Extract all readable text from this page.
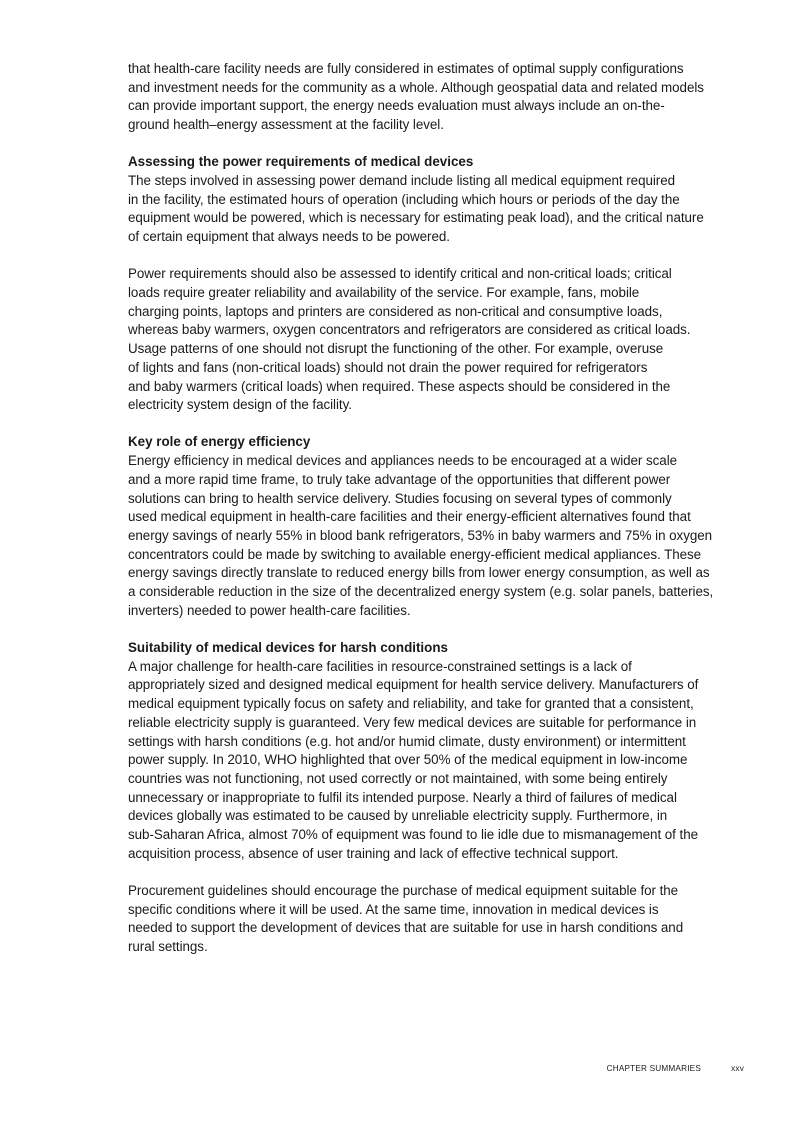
that health-care facility needs are fully considered in estimates of optimal supply configurations
and investment needs for the community as a whole. Although geospatial data and related models
can provide important support, the energy needs evaluation must always include an on-the-
ground health–energy assessment at the facility level.

Assessing the power requirements of medical devices

The steps involved in assessing power demand include listing all medical equipment required
in the facility, the estimated hours of operation (including which hours or periods of the day the
equipment would be powered, which is necessary for estimating peak load), and the critical nature
of certain equipment that always needs to be powered.

Power requirements should also be assessed to identify critical and non-critical loads; critical
loads require greater reliability and availability of the service. For example, fans, mobile
charging points, laptops and printers are considered as non-critical and consumptive loads,
whereas baby warmers, oxygen concentrators and refrigerators are considered as critical loads.
Usage patterns of one should not disrupt the functioning of the other. For example, overuse
of lights and fans (non-critical loads) should not drain the power required for refrigerators
and baby warmers (critical loads) when required. These aspects should be considered in the
electricity system design of the facility.

Key role of energy efficiency

Energy efficiency in medical devices and appliances needs to be encouraged at a wider scale
and a more rapid time frame, to truly take advantage of the opportunities that different power
solutions can bring to health service delivery. Studies focusing on several types of commonly
used medical equipment in health-care facilities and their energy-efficient alternatives found that
energy savings of nearly 55% in blood bank refrigerators, 53% in baby warmers and 75% in oxygen
concentrators could be made by switching to available energy-efficient medical appliances. These
energy savings directly translate to reduced energy bills from lower energy consumption, as well as
a considerable reduction in the size of the decentralized energy system (e.g. solar panels, batteries,
inverters) needed to power health-care facilities.

Suitability of medical devices for harsh conditions

A major challenge for health-care facilities in resource-constrained settings is a lack of
appropriately sized and designed medical equipment for health service delivery. Manufacturers of
medical equipment typically focus on safety and reliability, and take for granted that a consistent,
reliable electricity supply is guaranteed. Very few medical devices are suitable for performance in
settings with harsh conditions (e.g. hot and/or humid climate, dusty environment) or intermittent
power supply. In 2010, WHO highlighted that over 50% of the medical equipment in low-income
countries was not functioning, not used correctly or not maintained, with some being entirely
unnecessary or inappropriate to fulfil its intended purpose. Nearly a third of failures of medical
devices globally was estimated to be caused by unreliable electricity supply. Furthermore, in
sub-Saharan Africa, almost 70% of equipment was found to lie idle due to mismanagement of the
acquisition process, absence of user training and lack of effective technical support.

Procurement guidelines should encourage the purchase of medical equipment suitable for the
specific conditions where it will be used. At the same time, innovation in medical devices is
needed to support the development of devices that are suitable for use in harsh conditions and
rural settings.

CHAPTER SUMMARIES	xxv
